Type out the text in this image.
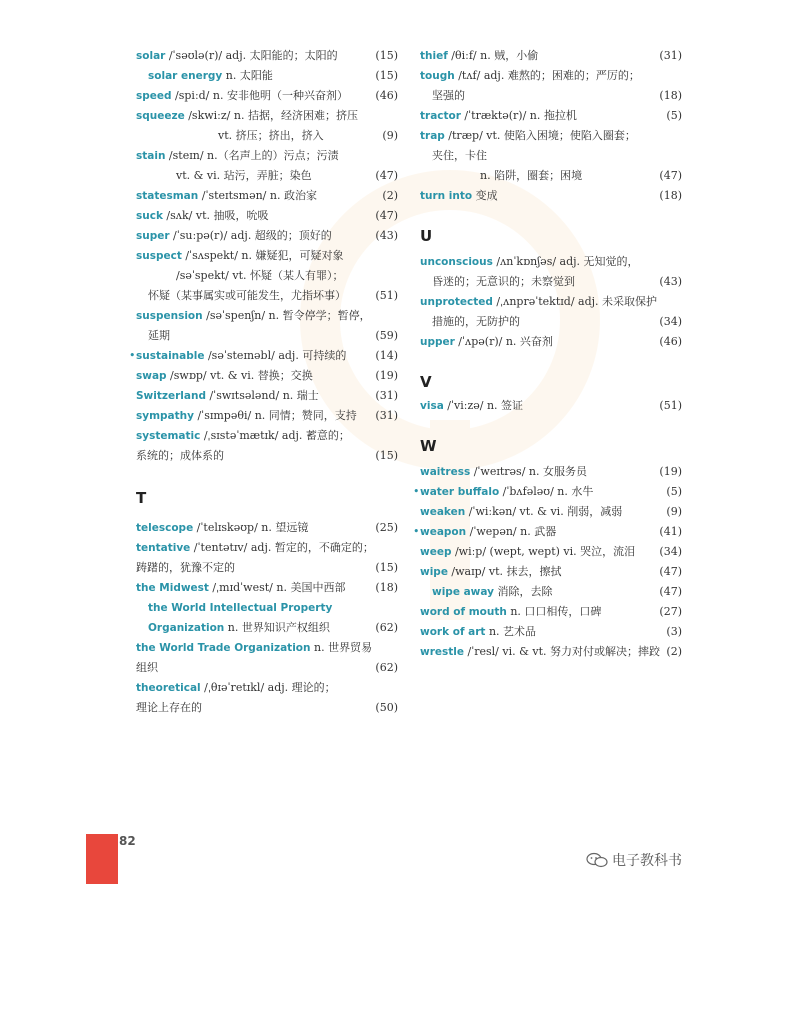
solar /ˈsəʊlə(r)/ adj. 太阳能的；太阳的	(15)
solar energy n. 太阳能	(15)
speed /spiːd/ n. 安非他明（一种兴奋剂）	(46)
squeeze /skwiːz/ n. 拮据，经济困难；挤压
vt. 挤压；挤出，挤入	(9)
stain /steɪn/ n.（名声上的）污点；污渍
vt. & vi. 玷污，弄脏；染色	(47)
statesman /ˈsteɪtsmən/ n. 政治家	(2)
suck /sʌk/ vt. 抽吸，吮吸	(47)
super /ˈsuːpə(r)/ adj. 超级的；顶好的	(43)
suspect /ˈsʌspekt/ n. 嫌疑犯，可疑对象
/səˈspekt/ vt. 怀疑（某人有罪）；
怀疑（某事属实或可能发生，尤指坏事）	(51)
suspension /səˈspenʃn/ n. 暂令停学；暂停，
延期	(59)
• sustainable /səˈsteɪnəbl/ adj. 可持续的	(14)
swap /swɒp/ vt. & vi. 替换；交换	(19)
Switzerland /ˈswɪtsələnd/ n. 瑞士	(31)
sympathy /ˈsɪmpəθi/ n. 同情；赞同，支持	(31)
systematic /ˌsɪstəˈmætɪk/ adj. 蓄意的；
系统的；成体系的	(15)
T
telescope /ˈtelɪskəʊp/ n. 望远镜	(25)
tentative /ˈtentətɪv/ adj. 暂定的，不确定的；
踌躇的，犹豫不定的	(15)
the Midwest /ˌmɪdˈwest/ n. 美国中西部	(18)
the World Intellectual Property
Organization n. 世界知识产权组织	(62)
the World Trade Organization n. 世界贸易
组织	(62)
theoretical /ˌθɪəˈretɪkl/ adj. 理论的；
理论上存在的	(50)
thief /θiːf/ n. 贼，小偷	(31)
tough /tʌf/ adj. 难熬的；困难的；严厉的；
坚强的	(18)
tractor /ˈtræktə(r)/ n. 拖拉机	(5)
trap /træp/ vt. 使陷入困境；使陷入圈套；
夹住，卡住
n. 陷阱，圈套；困境	(47)
turn into 变成	(18)
U
unconscious /ʌnˈkɒnʃəs/ adj. 无知觉的，
昏迷的；无意识的；未察觉到	(43)
unprotected /ˌʌnprəˈtektɪd/ adj. 未采取保护
措施的，无防护的	(34)
upper /ˈʌpə(r)/ n. 兴奋剂	(46)
V
visa /ˈviːzə/ n. 签证	(51)
W
waitress /ˈweɪtrəs/ n. 女服务员	(19)
• water buffalo /ˈbʌfələʊ/ n. 水牛	(5)
weaken /ˈwiːkən/ vt. & vi. 削弱，减弱	(9)
• weapon /ˈwepən/ n. 武器	(41)
weep /wiːp/ (wept, wept) vi. 哭泣，流泪	(34)
wipe /waɪp/ vt. 抹去，擦拭	(47)
wipe away 消除，去除	(47)
word of mouth n. 口口相传，口碑	(27)
work of art n. 艺术品	(3)
wrestle /ˈresl/ vi. & vt. 努力对付或解决；摔跤 (2)
82
电子教科书
